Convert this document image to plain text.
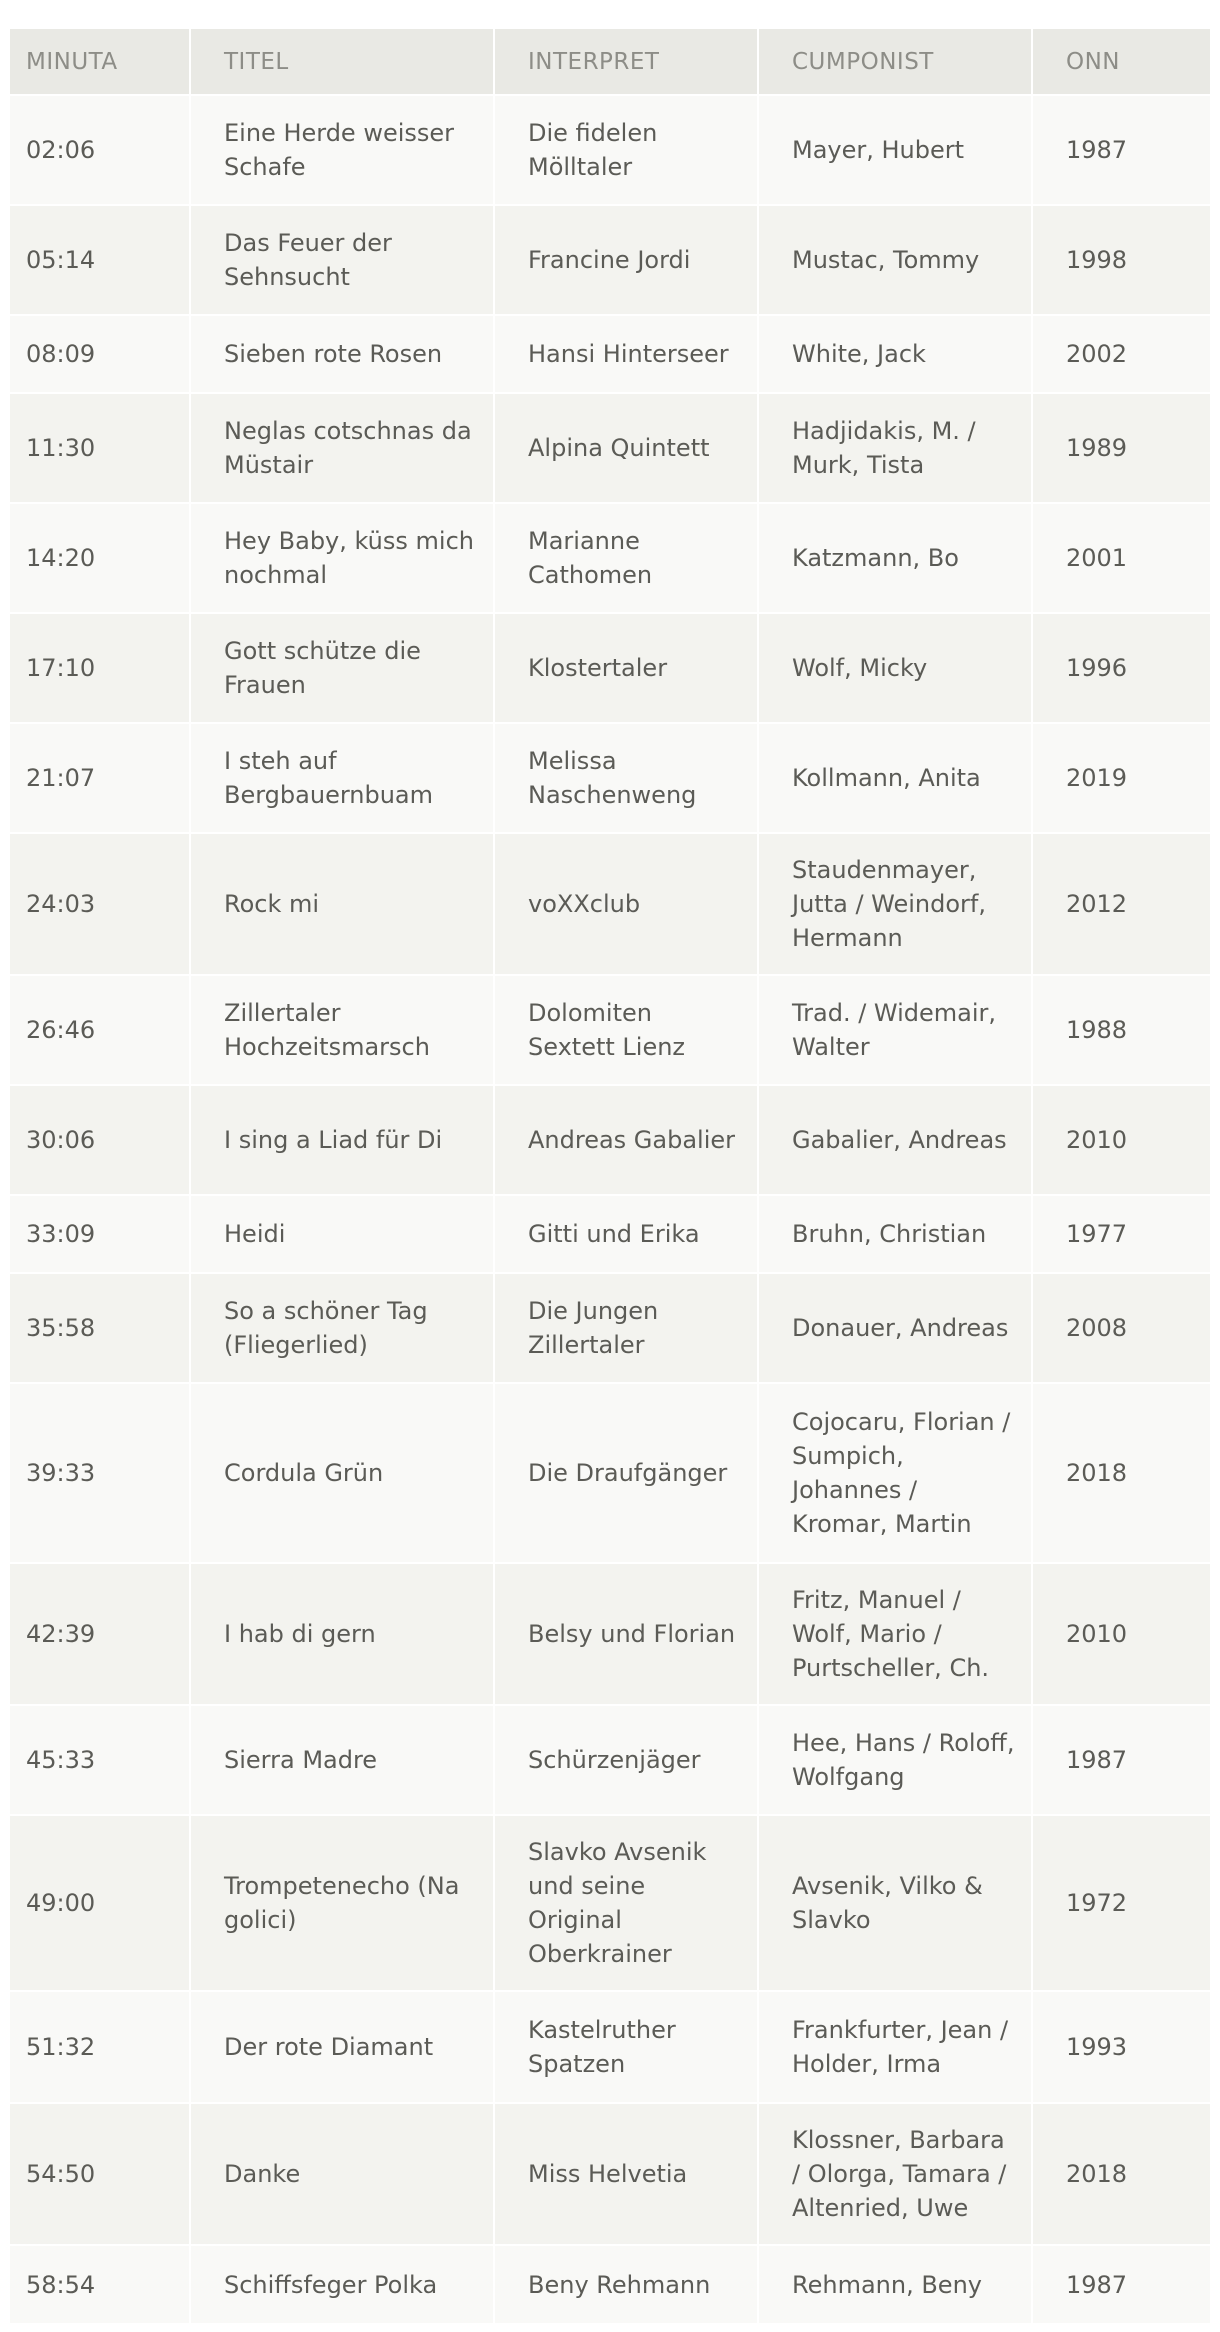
MINUTA	TITEL	INTERPRET	CUMPONIST	ONN
02:06	Eine Herde weisser Schafe	Die fidelen Mölltaler	Mayer, Hubert	1987
05:14	Das Feuer der Sehnsucht	Francine Jordi	Mustac, Tommy	1998
08:09	Sieben rote Rosen	Hansi Hinterseer	White, Jack	2002
11:30	Neglas cotschnas da Müstair	Alpina Quintett	Hadjidakis, M. / Murk, Tista	1989
14:20	Hey Baby, küss mich nochmal	Marianne Cathomen	Katzmann, Bo	2001
17:10	Gott schütze die Frauen	Klostertaler	Wolf, Micky	1996
21:07	I steh auf Bergbauernbuam	Melissa Naschenweng	Kollmann, Anita	2019
24:03	Rock mi	voXXclub	Staudenmayer, Jutta / Weindorf, Hermann	2012
26:46	Zillertaler Hochzeitsmarsch	Dolomiten Sextett Lienz	Trad. / Widemair, Walter	1988
30:06	I sing a Liad für Di	Andreas Gabalier	Gabalier, Andreas	2010
33:09	Heidi	Gitti und Erika	Bruhn, Christian	1977
35:58	So a schöner Tag (Fliegerlied)	Die Jungen Zillertaler	Donauer, Andreas	2008
39:33	Cordula Grün	Die Draufgänger	Cojocaru, Florian / Sumpich, Johannes / Kromar, Martin	2018
42:39	I hab di gern	Belsy und Florian	Fritz, Manuel / Wolf, Mario / Purtscheller, Ch.	2010
45:33	Sierra Madre	Schürzenjäger	Hee, Hans / Roloff, Wolfgang	1987
49:00	Trompetenecho (Na golici)	Slavko Avsenik und seine Original Oberkrainer	Avsenik, Vilko & Slavko	1972
51:32	Der rote Diamant	Kastelruther Spatzen	Frankfurter, Jean / Holder, Irma	1993
54:50	Danke	Miss Helvetia	Klossner, Barbara / Olorga, Tamara / Altenried, Uwe	2018
58:54	Schiffsfeger Polka	Beny Rehmann	Rehmann, Beny	1987
